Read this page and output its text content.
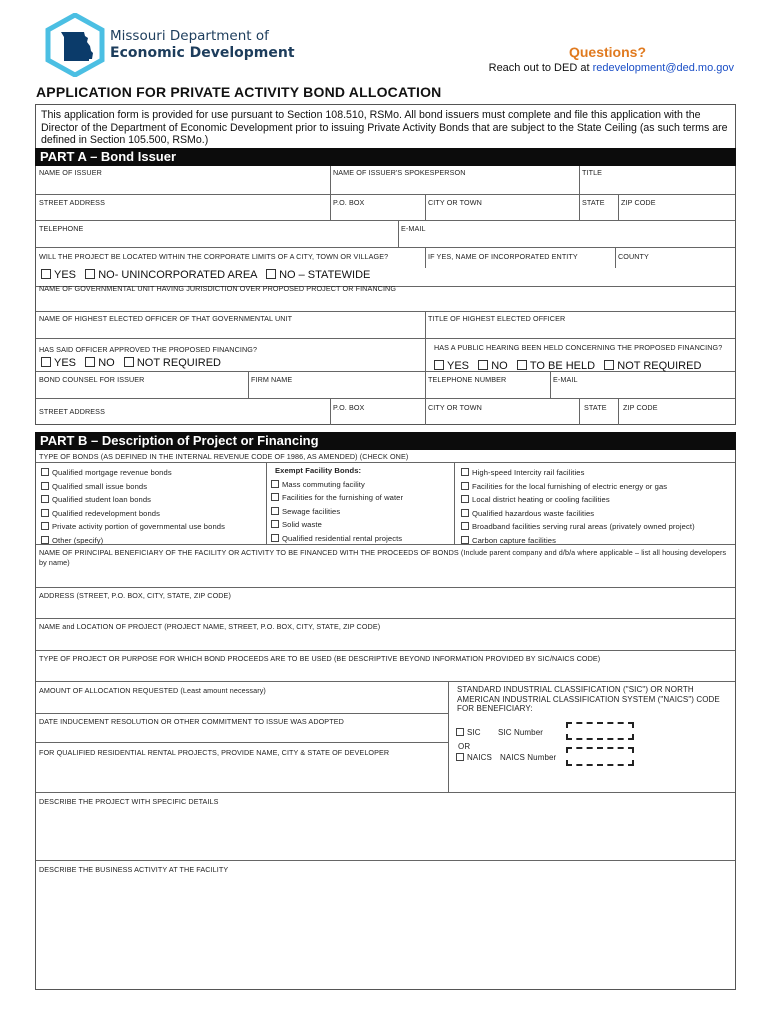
Missouri Department of
Economic Development	Questions?
Reach out to DED at redevelopment@ded.mo.gov
APPLICATION FOR PRIVATE ACTIVITY BOND ALLOCATION
This application form is provided for use pursuant to Section 108.510, RSMo. All bond issuers must complete and file this application with the Director of the Department of Economic Development prior to issuing Private Activity Bonds that are subject to the State Ceiling (as such terms are defined in Section 105.500, RSMo.)
PART A – Bond Issuer
NAME OF ISSUER	NAME OF ISSUER'S SPOKESPERSON	TITLE
STREET ADDRESS	P.O. BOX	CITY OR TOWN	STATE	ZIP CODE
TELEPHONE	E-MAIL
WILL THE PROJECT BE LOCATED WITHIN THE CORPORATE LIMITS OF A CITY, TOWN OR VILLAGE?
YES NO- UNINCORPORATED AREA NO – STATEWIDE
IF YES, NAME OF INCORPORATED ENTITY	COUNTY
NAME OF GOVERNMENTAL UNIT HAVING JURISDICTION OVER PROPOSED PROJECT OR FINANCING
NAME OF HIGHEST ELECTED OFFICER OF THAT GOVERNMENTAL UNIT	TITLE OF HIGHEST ELECTED OFFICER
HAS SAID OFFICER APPROVED THE PROPOSED FINANCING?
YES NO NOT REQUIRED
HAS A PUBLIC HEARING BEEN HELD CONCERNING THE PROPOSED FINANCING?
YES NO TO BE HELD NOT REQUIRED
BOND COUNSEL FOR ISSUER	FIRM NAME	TELEPHONE NUMBER	E-MAIL
STREET ADDRESS	P.O. BOX	CITY OR TOWN	STATE	ZIP CODE
PART B – Description of Project or Financing
TYPE OF BONDS (AS DEFINED IN THE INTERNAL REVENUE CODE OF 1986, AS AMENDED) (CHECK ONE)
Qualified mortgage revenue bonds
Qualified small issue bonds
Qualified student loan bonds
Qualified redevelopment bonds
Private activity portion of governmental use bonds
Other (specify)
Exempt Facility Bonds:
Mass commuting facility
Facilities for the furnishing of water
Sewage facilities
Solid waste
Qualified residential rental projects
High-speed Intercity rail facilities
Facilities for the local furnishing of electric energy or gas
Local district heating or cooling facilities
Qualified hazardous waste facilities
Broadband facilities serving rural areas (privately owned project)
Carbon capture facilities
NAME OF PRINCIPAL BENEFICIARY OF THE FACILITY OR ACTIVITY TO BE FINANCED WITH THE PROCEEDS OF BONDS (Include parent company and d/b/a where applicable – list all housing developers by name)
ADDRESS (STREET, P.O. BOX, CITY, STATE, ZIP CODE)
NAME and LOCATION OF PROJECT (PROJECT NAME, STREET, P.O. BOX, CITY, STATE, ZIP CODE)
TYPE OF PROJECT OR PURPOSE FOR WHICH BOND PROCEEDS ARE TO BE USED (BE DESCRIPTIVE BEYOND INFORMATION PROVIDED BY SIC/NAICS CODE)
AMOUNT OF ALLOCATION REQUESTED (Least amount necessary)	STANDARD INDUSTRIAL CLASSIFICATION ("SIC") OR NORTH AMERICAN INDUSTRIAL CLASSIFICATION SYSTEM ("NAICS") CODE FOR BENEFICIARY:
DATE INDUCEMENT RESOLUTION OR OTHER COMMITMENT TO ISSUE WAS ADOPTED
SIC	SIC Number
OR
NAICS	NAICS Number
FOR QUALIFIED RESIDENTIAL RENTAL PROJECTS, PROVIDE NAME, CITY & STATE OF DEVELOPER
DESCRIBE THE PROJECT WITH SPECIFIC DETAILS
DESCRIBE THE BUSINESS ACTIVITY AT THE FACILITY
